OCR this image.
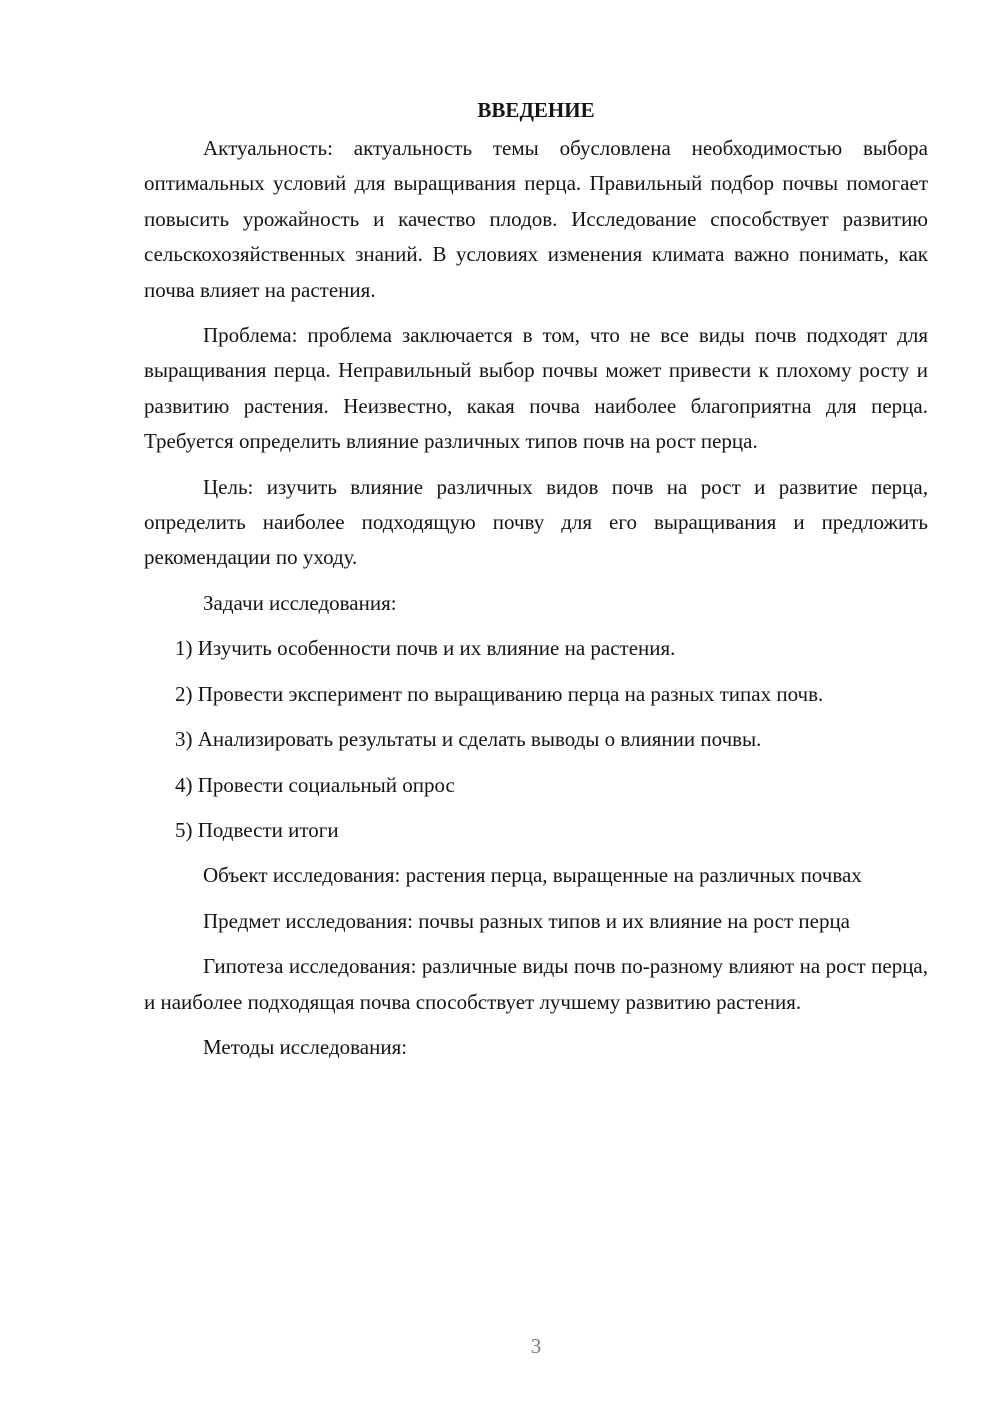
ВВЕДЕНИЕ

Актуальность: актуальность темы обусловлена необходимостью выбора оптимальных условий для выращивания перца. Правильный подбор почвы помогает повысить урожайность и качество плодов. Исследование способствует развитию сельскохозяйственных знаний. В условиях изменения климата важно понимать, как почва влияет на растения.

Проблема: проблема заключается в том, что не все виды почв подходят для выращивания перца. Неправильный выбор почвы может привести к плохому росту и развитию растения. Неизвестно, какая почва наиболее благоприятна для перца. Требуется определить влияние различных типов почв на рост перца.

Цель: изучить влияние различных видов почв на рост и развитие перца, определить наиболее подходящую почву для его выращивания и предложить рекомендации по уходу.

Задачи исследования:

1) Изучить особенности почв и их влияние на растения.

2) Провести эксперимент по выращиванию перца на разных типах почв.

3) Анализировать результаты и сделать выводы о влиянии почвы.

4) Провести социальный опрос

5) Подвести итоги

Объект исследования: растения перца, выращенные на различных почвах

Предмет исследования: почвы разных типов и их влияние на рост перца

Гипотеза исследования: различные виды почв по-разному влияют на рост перца, и наиболее подходящая почва способствует лучшему развитию растения.

Методы исследования:

3
